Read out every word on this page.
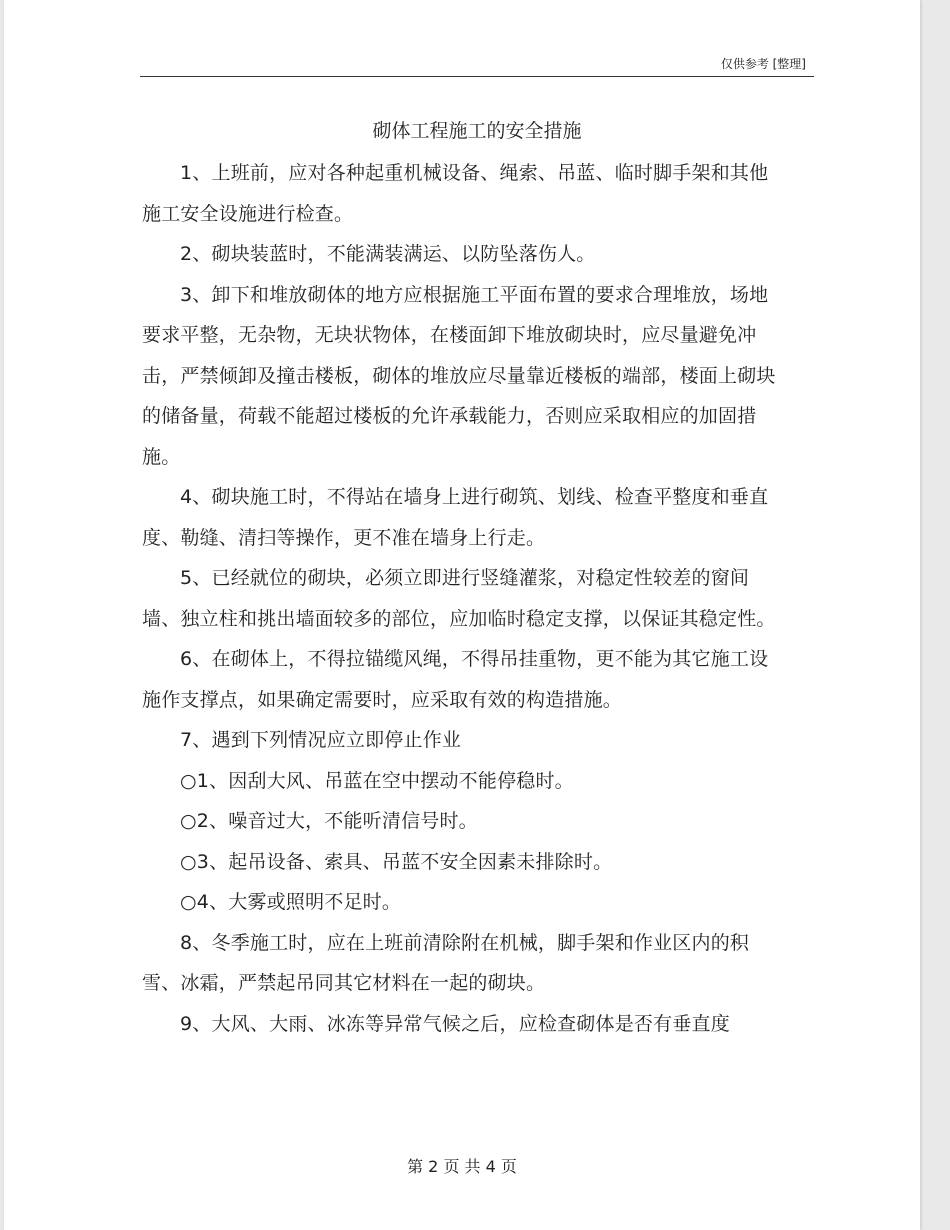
仅供参考 [整理]
砌体工程施工的安全措施

1、上班前，应对各种起重机械设备、绳索、吊蓝、临时脚手架和其他施工安全设施进行检查。

2、砌块装蓝时，不能满装满运、以防坠落伤人。

3、卸下和堆放砌体的地方应根据施工平面布置的要求合理堆放，场地要求平整，无杂物，无块状物体，在楼面卸下堆放砌块时，应尽量避免冲击，严禁倾卸及撞击楼板，砌体的堆放应尽量靠近楼板的端部，楼面上砌块的储备量，荷载不能超过楼板的允许承载能力，否则应采取相应的加固措施。

4、砌块施工时，不得站在墙身上进行砌筑、划线、检查平整度和垂直度、勒缝、清扫等操作，更不准在墙身上行走。

5、已经就位的砌块，必须立即进行竖缝灌浆，对稳定性较差的窗间墙、独立柱和挑出墙面较多的部位，应加临时稳定支撑，以保证其稳定性。

6、在砌体上，不得拉锚缆风绳，不得吊挂重物，更不能为其它施工设施作支撑点，如果确定需要时，应采取有效的构造措施。

7、遇到下列情况应立即停止作业

○1、因刮大风、吊蓝在空中摆动不能停稳时。

○2、噪音过大，不能听清信号时。

○3、起吊设备、索具、吊蓝不安全因素未排除时。

○4、大雾或照明不足时。

8、冬季施工时，应在上班前清除附在机械，脚手架和作业区内的积雪、冰霜，严禁起吊同其它材料在一起的砌块。

9、大风、大雨、冰冻等异常气候之后，应检查砌体是否有垂直度

第 2 页 共 4 页
